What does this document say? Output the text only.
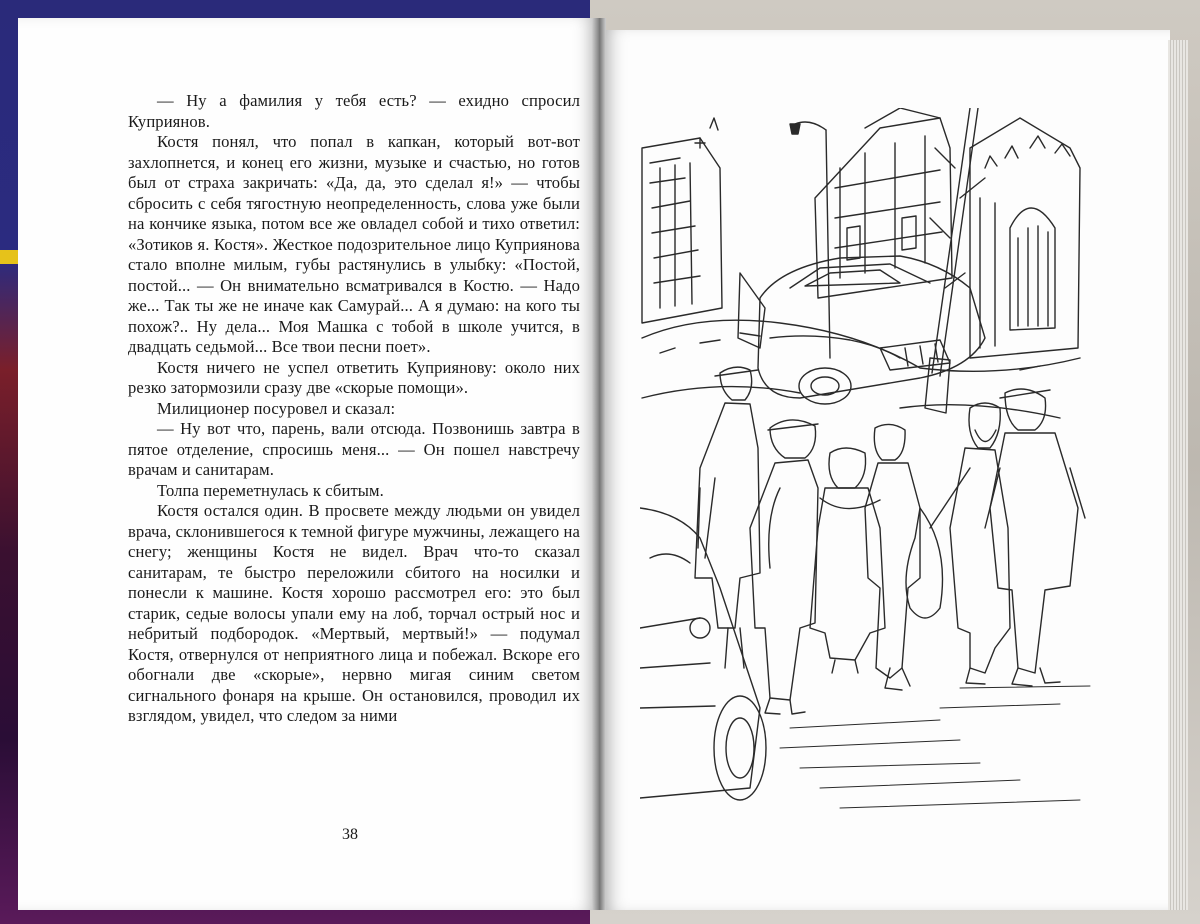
— Ну а фамилия у тебя есть? — ехидно спросил Куприянов.

Костя понял, что попал в капкан, который вот-вот захлопнется, и конец его жизни, музыке и счастью, но готов был от страха закричать: «Да, да, это сделал я!» — чтобы сбросить с себя тягостную неопределенность, слова уже были на кончике языка, потом все же овладел собой и тихо ответил: «Зотиков я. Костя». Жесткое подозрительное лицо Куприянова стало вполне милым, губы растянулись в улыбку: «Постой, постой... — Он внимательно всматривался в Костю. — Надо же... Так ты же не иначе как Самурай... А я думаю: на кого ты похож?.. Ну дела... Моя Машка с тобой в школе учится, в двадцать седьмой... Все твои песни поет».

Костя ничего не успел ответить Куприянову: около них резко затормозили сразу две «скорые помощи».

Милиционер посуровел и сказал:

— Ну вот что, парень, вали отсюда. Позвонишь завтра в пятое отделение, спросишь меня... — Он пошел навстречу врачам и санитарам.

Толпа переметнулась к сбитым.

Костя остался один. В просвете между людьми он увидел врача, склонившегося к темной фигуре мужчины, лежащего на снегу; женщины Костя не видел. Врач что-то сказал санитарам, те быстро переложили сбитого на носилки и понесли к машине. Костя хорошо рассмотрел его: это был старик, седые волосы упали ему на лоб, торчал острый нос и небритый подбородок. «Мертвый, мертвый!» — подумал Костя, отвернулся от неприятного лица и побежал. Вскоре его обогнали две «скорые», нервно мигая синим светом сигнального фонаря на крыше. Он остановился, проводил их взглядом, увидел, что следом за ними

38
